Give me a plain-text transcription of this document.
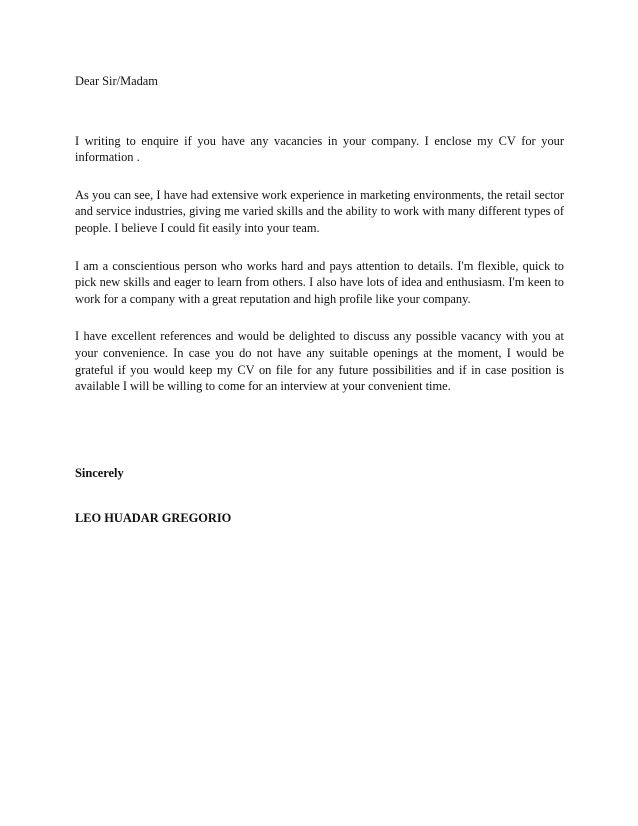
Dear Sir/Madam

I writing to enquire if you have any vacancies in your company. I enclose my CV for your information .

As you can see, I have had extensive work experience in marketing environments, the retail sector and service industries, giving me varied skills and the ability to work with many different types of people. I believe I could fit easily into your team.

I am a conscientious person who works hard and pays attention to details. I'm flexible, quick to pick new skills and eager to learn from others. I also have lots of idea and enthusiasm. I'm keen to work for a company with a great reputation and high profile like your company.

I have excellent references and would be delighted to discuss any possible vacancy with you at your convenience. In case you do not have any suitable openings at the moment, I would be grateful if you would keep my CV on file for any future possibilities and if in case position is available I will be willing to come for an interview at your convenient time.

Sincerely

LEO HUADAR GREGORIO
